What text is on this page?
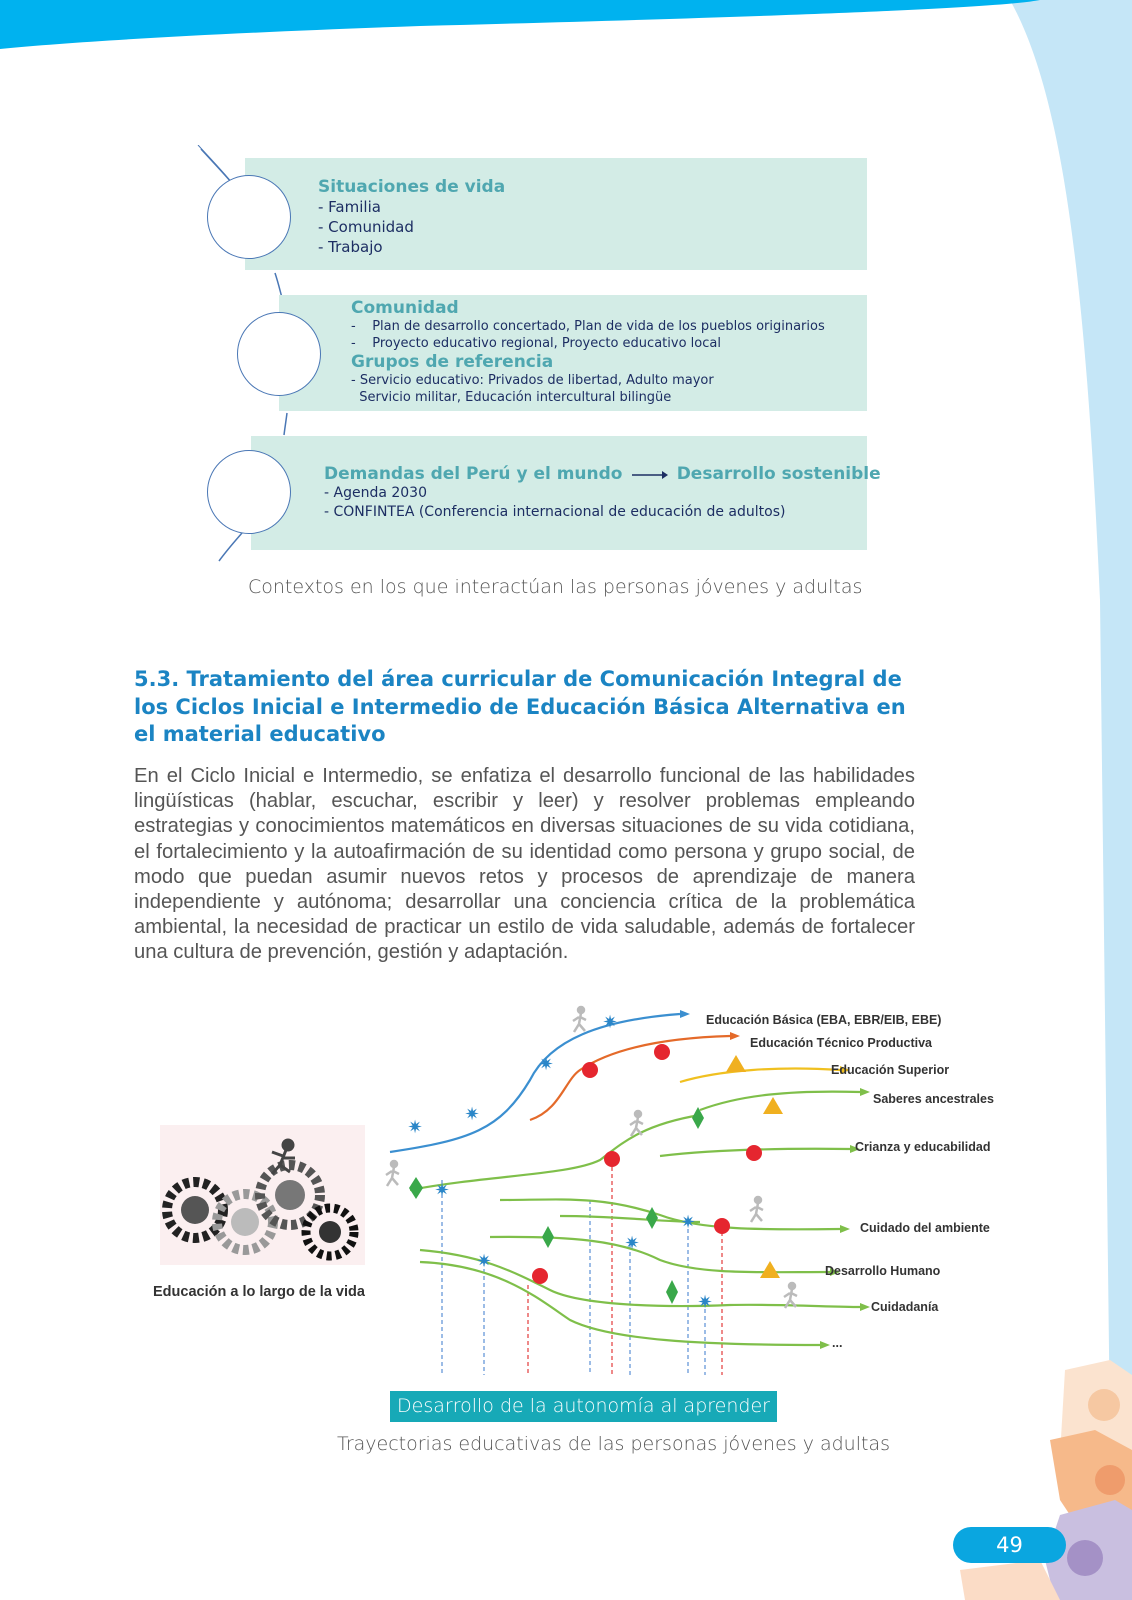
Situaciones de vida
- Familia
- Comunidad
- Trabajo
Comunidad
-    Plan de desarrollo concertado, Plan de vida de los pueblos originarios
-    Proyecto educativo regional, Proyecto educativo local
Grupos de referencia
- Servicio educativo: Privados de libertad, Adulto mayor
Servicio militar, Educación intercultural bilingüe
Demandas del Perú y el mundo	Desarrollo sostenible
- Agenda 2030
- CONFINTEA (Conferencia internacional de educación de adultos)
Contextos en los que interactúan las personas jóvenes y adultas
5.3. Tratamiento del área curricular de Comunicación Integral de los Ciclos Inicial e Intermedio de Educación Básica Alternativa en el material educativo
En el Ciclo Inicial e Intermedio, se enfatiza el desarrollo funcional de las habilidades lingüísticas (hablar, escuchar, escribir y leer) y resolver problemas empleando estrategias y conocimientos matemáticos en diversas situaciones de su vida cotidiana, el fortalecimiento y la autoafirmación de su identidad como persona y grupo social, de modo que puedan asumir nuevos retos y procesos de aprendizaje de manera independiente y autónoma; desarrollar una conciencia crítica de la problemática ambiental, la necesidad de practicar un estilo de vida saludable, además de fortalecer una cultura de prevención, gestión y adaptación.
✷
✷
✷
✷
✷
✷
✷
✷
✷
Educación Básica (EBA, EBR/EIB, EBE)
Educación Técnico Productiva
Educación Superior
Saberes ancestrales
Crianza y educabilidad
Cuidado del ambiente
Desarrollo Humano
Cuidadanía
...
Educación a lo largo de la vida
Desarrollo de la autonomía al aprender
Trayectorias educativas de las personas jóvenes y adultas
49
